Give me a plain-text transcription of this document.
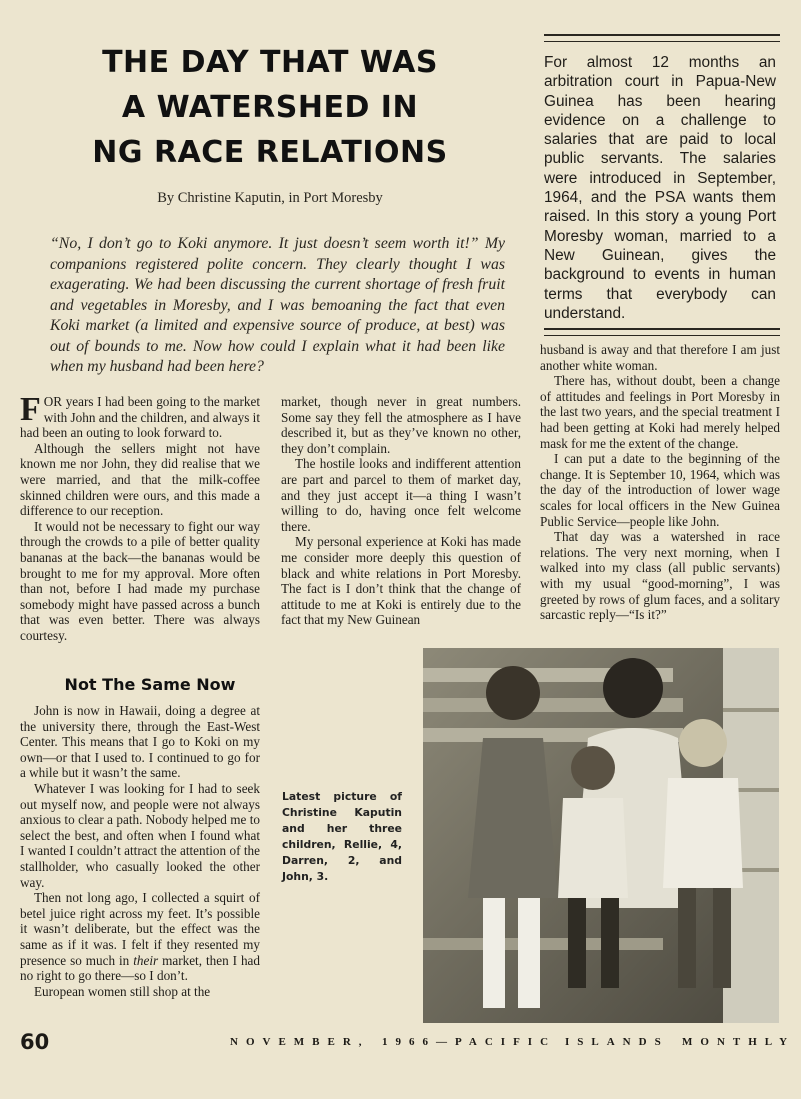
THE DAY THAT WAS
A WATERSHED IN
NG RACE RELATIONS
By Christine Kaputin, in Port Moresby
“No, I don’t go to Koki anymore. It just doesn’t seem worth it!” My companions registered polite concern. They clearly thought I was exagerating. We had been discussing the current shortage of fresh fruit and vegetables in Moresby, and I was bemoaning the fact that even Koki market (a limited and expensive source of produce, at best) was out of bounds to me. Now how could I explain what it had been like when my husband had been here?
For almost 12 months an arbitration court in Papua-New Guinea has been hearing evidence on a challenge to salaries that are paid to local public servants. The salaries were introduced in September, 1964, and the PSA wants them raised. In this story a young Port Moresby woman, married to a New Guinean, gives the background to events in human terms that everybody can understand.

FOR years I had been going to the market with John and the children, and always it had been an outing to look forward to.

Although the sellers might not have known me nor John, they did realise that we were married, and that the milk-coffee skinned children were ours, and this made a difference to our reception.

It would not be necessary to fight our way through the crowds to a pile of better quality bananas at the back—the bananas would be brought to me for my approval. More often than not, before I had made my purchase somebody might have passed across a bunch that was even better. There was always courtesy.

market, though never in great numbers. Some say they fell the atmosphere as I have described it, but as they’ve known no other, they don’t complain.

The hostile looks and indifferent attention are part and parcel to them of market day, and they just accept it—a thing I wasn’t willing to do, having once felt welcome there.

My personal experience at Koki has made me consider more deeply this question of black and white relations in Port Moresby. The fact is I don’t think that the change of attitude to me at Koki is entirely due to the fact that my New Guinean

husband is away and that therefore I am just another white woman.

There has, without doubt, been a change of attitudes and feelings in Port Moresby in the last two years, and the special treatment I had been getting at Koki had merely helped mask for me the extent of the change.

I can put a date to the beginning of the change. It is September 10, 1964, which was the day of the introduction of lower wage scales for local officers in the New Guinea Public Service—people like John.

That day was a watershed in race relations. The very next morning, when I walked into my class (all public servants) with my usual “good-morning”, I was greeted by rows of glum faces, and a solitary sarcastic reply—“Is it?”

Not The Same Now

John is now in Hawaii, doing a degree at the university there, through the East-West Center. This means that I go to Koki on my own—or that I used to. I continued to go for a while but it wasn’t the same.

Whatever I was looking for I had to seek out myself now, and people were not always anxious to clear a path. Nobody helped me to select the best, and often when I found what I wanted I couldn’t attract the attention of the stallholder, who casually looked the other way.

Then not long ago, I collected a squirt of betel juice right across my feet. It’s possible it wasn’t deliberate, but the effect was the same as if it was. I felt if they resented my presence so much in their market, then I had no right to go there—so I don’t.

European women still shop at the

Latest picture of Christine Kaputin and her three children, Rellie, 4, Darren, 2, and John, 3.
60	NOVEMBER, 1966—PACIFIC ISLANDS MONTHLY
